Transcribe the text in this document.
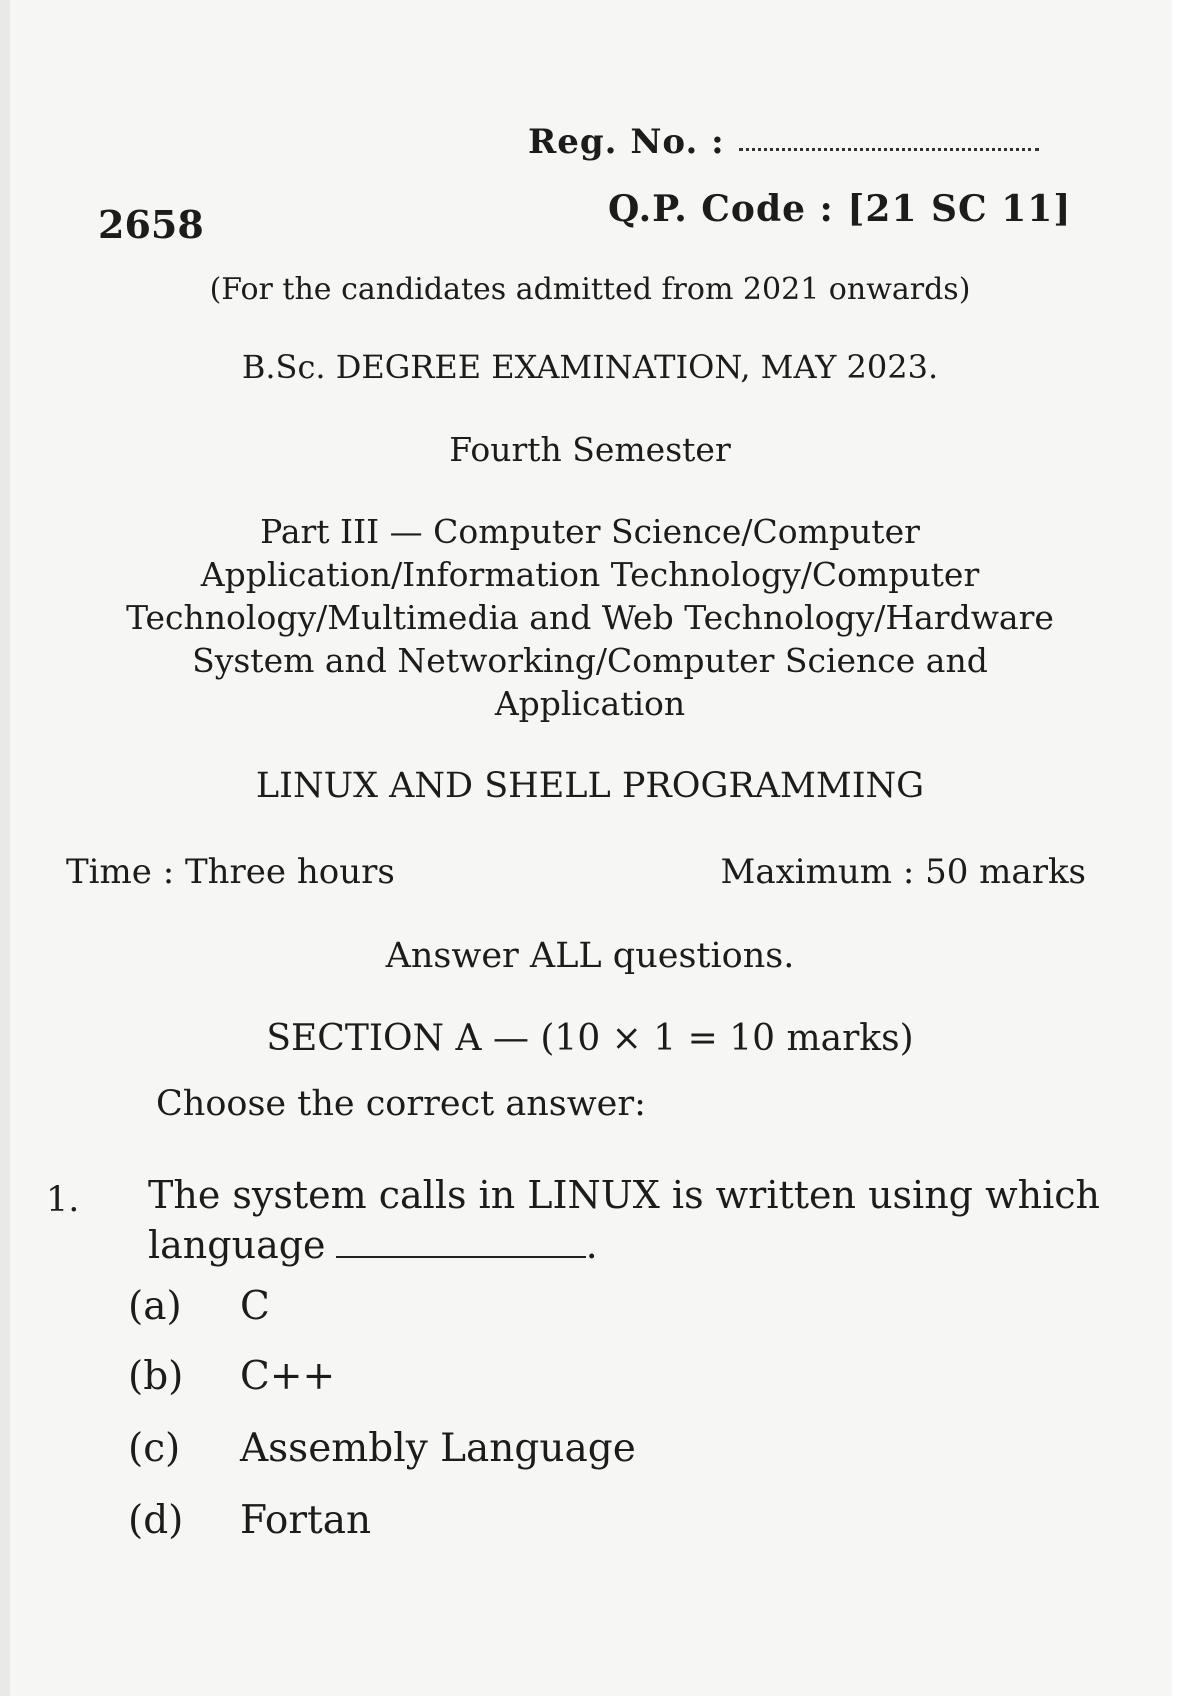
Reg. No. :
2658	Q.P. Code : [21 SC 11]
(For the candidates admitted from 2021 onwards)
B.Sc. DEGREE EXAMINATION, MAY 2023.
Fourth Semester
Part III — Computer Science/Computer
Application/Information Technology/Computer
Technology/Multimedia and Web Technology/Hardware
System and Networking/Computer Science and
Application
LINUX AND SHELL PROGRAMMING
Time : Three hours	Maximum : 50 marks
Answer ALL questions.
SECTION A — (10 × 1 = 10 marks)
Choose the correct answer:
1. The system calls in LINUX is written using which language	.
(a)	C
(b)	C++
(c)	Assembly Language
(d)	Fortan
